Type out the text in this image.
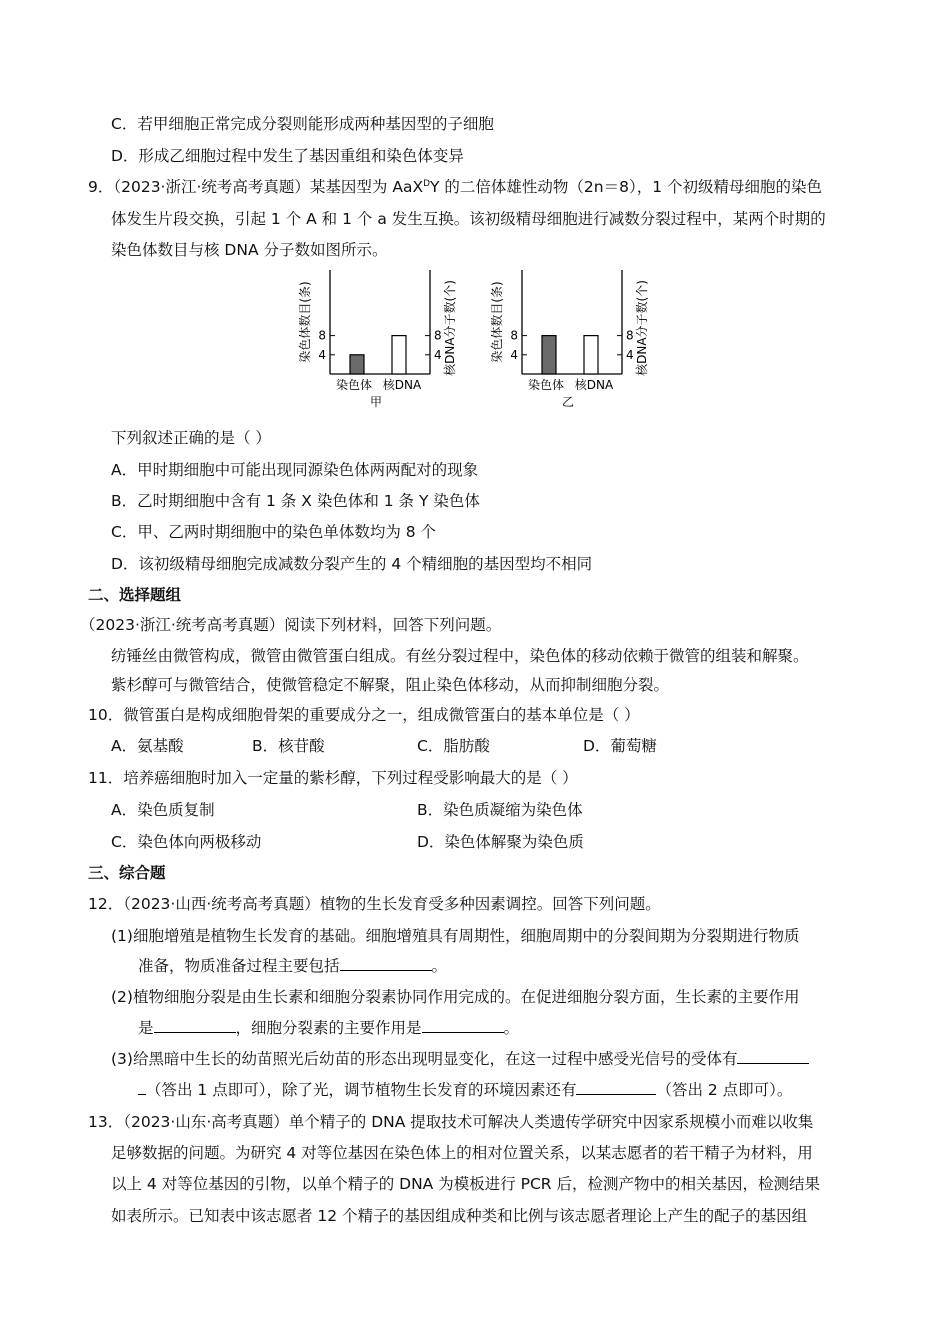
C．若甲细胞正常完成分裂则能形成两种基因型的子细胞
D．形成乙细胞过程中发生了基因重组和染色体变异
9．（2023·浙江·统考高考真题）某基因型为 AaX$^D$Y 的二倍体雄性动物（2n＝8），1 个初级精母细胞的染色
体发生片段交换，引起 1 个 A 和 1 个 a 发生互换。该初级精母细胞进行减数分裂过程中，某两个时期的
染色体数目与核 DNA 分子数如图所示。
4	4
8	8
染色体 核DNA
甲
染色体数目(条)	核DNA分子数(个)	4	4
8	8
染色体 核DNA
乙
染色体数目(条)	核DNA分子数(个)
下列叙述正确的是（ ）
A．甲时期细胞中可能出现同源染色体两两配对的现象
B．乙时期细胞中含有 1 条 X 染色体和 1 条 Y 染色体
C．甲、乙两时期细胞中的染色单体数均为 8 个
D．该初级精母细胞完成减数分裂产生的 4 个精细胞的基因型均不相同
二、选择题组
（2023·浙江·统考高考真题）阅读下列材料，回答下列问题。
纺锤丝由微管构成，微管由微管蛋白组成。有丝分裂过程中，染色体的移动依赖于微管的组装和解聚。
紫杉醇可与微管结合，使微管稳定不解聚，阻止染色体移动，从而抑制细胞分裂。
10．微管蛋白是构成细胞骨架的重要成分之一，组成微管蛋白的基本单位是（ ）
A．氨基酸	B．核苷酸	C．脂肪酸	D．葡萄糖
11．培养癌细胞时加入一定量的紫杉醇，下列过程受影响最大的是（ ）
A．染色质复制	B．染色质凝缩为染色体
C．染色体向两极移动	D．染色体解聚为染色质
三、综合题
12．（2023·山西·统考高考真题）植物的生长发育受多种因素调控。回答下列问题。
(1)细胞增殖是植物生长发育的基础。细胞增殖具有周期性，细胞周期中的分裂间期为分裂期进行物质
准备，物质准备过程主要包括	。
(2)植物细胞分裂是由生长素和细胞分裂素协同作用完成的。在促进细胞分裂方面，生长素的主要作用
是	，细胞分裂素的主要作用是	。
(3)给黑暗中生长的幼苗照光后幼苗的形态出现明显变化，在这一过程中感受光信号的受体有
（答出 1 点即可），除了光，调节植物生长发育的环境因素还有	（答出 2 点即可）。
13．（2023·山东·高考真题）单个精子的 DNA 提取技术可解决人类遗传学研究中因家系规模小而难以收集
足够数据的问题。为研究 4 对等位基因在染色体上的相对位置关系，以某志愿者的若干精子为材料，用
以上 4 对等位基因的引物，以单个精子的 DNA 为模板进行 PCR 后，检测产物中的相关基因，检测结果
如表所示。已知表中该志愿者 12 个精子的基因组成种类和比例与该志愿者理论上产生的配子的基因组
